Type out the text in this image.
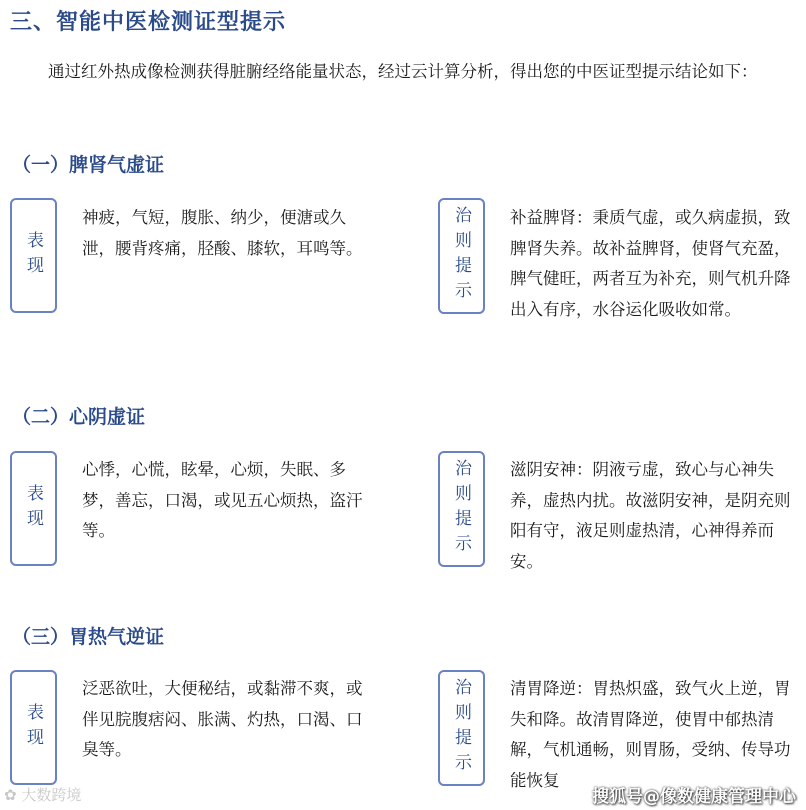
三、智能中医检测证型提示
通过红外热成像检测获得脏腑经络能量状态，经过云计算分析，得出您的中医证型提示结论如下：
（一）脾肾气虚证
表现
神疲，气短，腹胀、纳少，便溏或久泄，腰背疼痛，胫酸、膝软，耳鸣等。	治则提示 补益脾肾：秉质气虚，或久病虚损，致脾肾失养。故补益脾肾，使肾气充盈，脾气健旺，两者互为补充，则气机升降出入有序，水谷运化吸收如常。
（二）心阴虚证
表现
心悸，心慌，眩晕，心烦，失眠、多梦，善忘，口渴，或见五心烦热，盗汗等。	治则提示 滋阴安神：阴液亏虚，致心与心神失养，虚热内扰。故滋阴安神，是阴充则阳有守，液足则虚热清，心神得养而安。
（三）胃热气逆证
表现
泛恶欲吐，大便秘结，或黏滞不爽，或伴见脘腹痞闷、胀满、灼热，口渴、口臭等。	治则提示 清胃降逆：胃热炽盛，致气火上逆，胃失和降。故清胃降逆，使胃中郁热清解，气机通畅，则胃肠，受纳、传导功能恢复
✿ 大数跨境	搜狐号@像数健康管理中心
